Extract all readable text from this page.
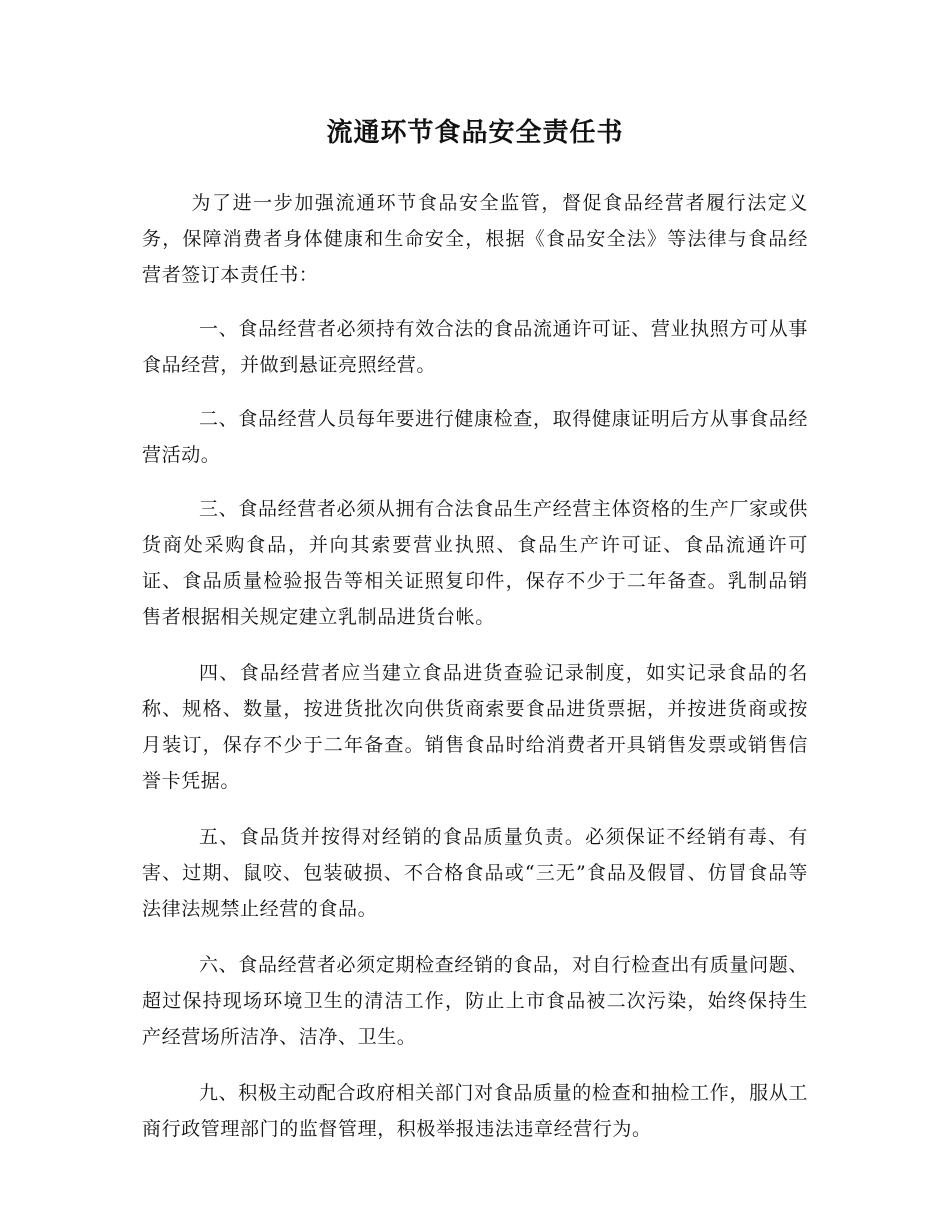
流通环节食品安全责任书

为了进一步加强流通环节食品安全监管，督促食品经营者履行法定义务，保障消费者身体健康和生命安全，根据《食品安全法》等法律与食品经营者签订本责任书：

一、食品经营者必须持有效合法的食品流通许可证、营业执照方可从事食品经营，并做到悬证亮照经营。

二、食品经营人员每年要进行健康检查，取得健康证明后方从事食品经营活动。

三、食品经营者必须从拥有合法食品生产经营主体资格的生产厂家或供货商处采购食品，并向其索要营业执照、食品生产许可证、食品流通许可证、食品质量检验报告等相关证照复印件，保存不少于二年备查。乳制品销售者根据相关规定建立乳制品进货台帐。

四、食品经营者应当建立食品进货查验记录制度，如实记录食品的名称、规格、数量，按进货批次向供货商索要食品进货票据，并按进货商或按月装订，保存不少于二年备查。销售食品时给消费者开具销售发票或销售信誉卡凭据。

五、食品货并按得对经销的食品质量负责。必须保证不经销有毒、有害、过期、鼠咬、包装破损、不合格食品或“三无”食品及假冒、仿冒食品等法律法规禁止经营的食品。

六、食品经营者必须定期检查经销的食品，对自行检查出有质量问题、超过保持现场环境卫生的清洁工作，防止上市食品被二次污染，始终保持生产经营场所洁净、洁净、卫生。

九、积极主动配合政府相关部门对食品质量的检查和抽检工作，服从工商行政管理部门的监督管理，积极举报违法违章经营行为。
